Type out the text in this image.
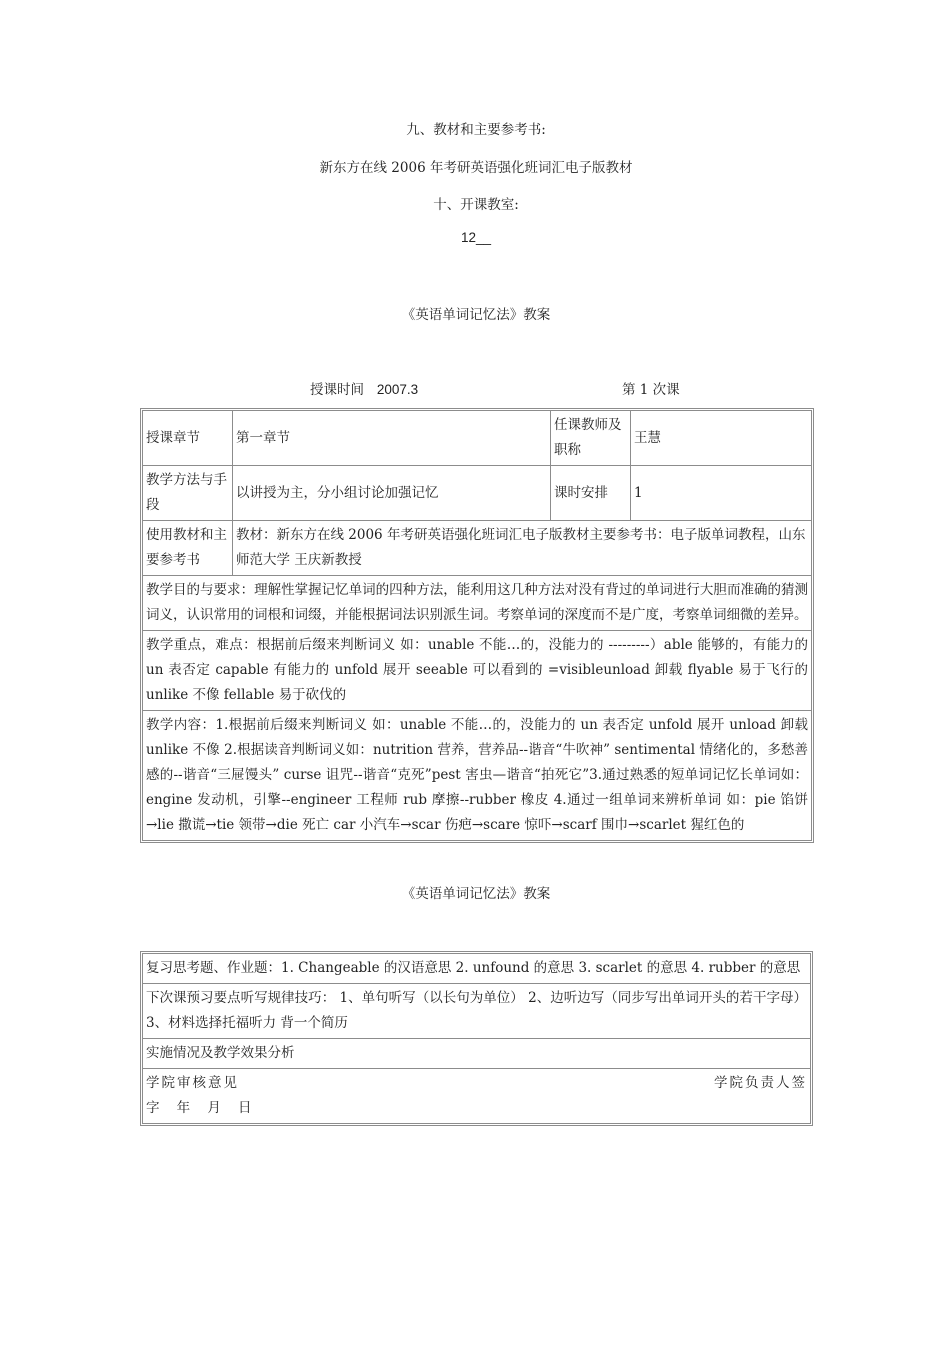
九、教材和主要参考书:
新东方在线 2006 年考研英语强化班词汇电子版教材
十、开课教室:
12__
《英语单词记忆法》教案
授课时间 2007.3	第 1 次课
授课章节	第一章节	任课教师及职称	王慧
教学方法与手段	以讲授为主，分小组讨论加强记忆	课时安排	1
使用教材和主要参考书	教材：新东方在线 2006 年考研英语强化班词汇电子版教材主要参考书：电子版单词教程，山东师范大学 王庆新教授		
教学目的与要求：理解性掌握记忆单词的四种方法，能利用这几种方法对没有背过的单词进行大胆而准确的猜测词义，认识常用的词根和词缀，并能根据词法识别派生词。考察单词的深度而不是广度，考察单词细微的差异。			
教学重点，难点：根据前后缀来判断词义 如：unable 不能…的，没能力的 ---------）able 能够的，有能力的 un 表否定 capable 有能力的 unfold 展开 seeable 可以看到的 =visibleunload 卸载 flyable 易于飞行的 unlike 不像 fellable 易于砍伐的			
教学内容：1.根据前后缀来判断词义 如：unable 不能…的，没能力的 un 表否定 unfold 展开 unload 卸载 unlike 不像 2.根据读音判断词义如：nutrition 营养，营养品--谐音“牛吹神” sentimental 情绪化的，多愁善感的--谐音“三屉馒头” curse 诅咒--谐音“克死”pest 害虫—谐音“拍死它”3.通过熟悉的短单词记忆长单词如：engine 发动机，引擎--engineer 工程师 rub 摩擦--rubber 橡皮 4.通过一组单词来辨析单词 如：pie 馅饼→lie 撒谎→tie 领带→die 死亡 car 小汽车→scar 伤疤→scare 惊吓→scarf 围巾→scarlet 猩红色的			
《英语单词记忆法》教案
复习思考题、作业题：1. Changeable 的汉语意思 2. unfound 的意思 3. scarlet 的意思 4. rubber 的意思
下次课预习要点听写规律技巧： 1、单句听写（以长句为单位） 2、边听边写（同步写出单词开头的若干字母） 3、材料选择托福听力 背一个简历
实施情况及教学效果分析

学院审核意见	学院负责人签
字    年    月    日
